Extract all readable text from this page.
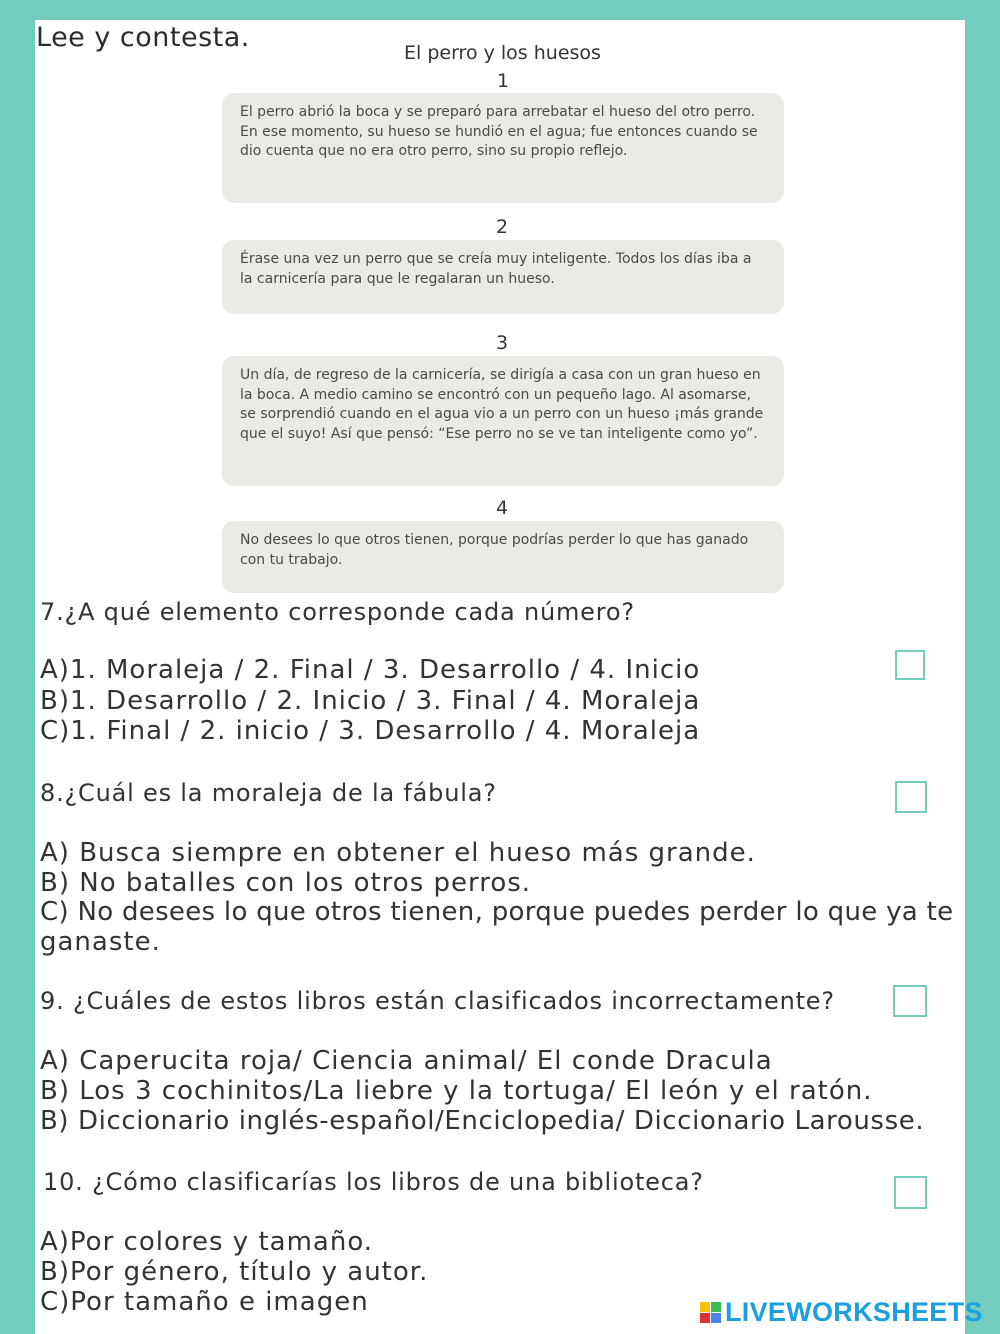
Lee y contesta.	El perro y los huesos
1
El perro abrió la boca y se preparó para arrebatar el hueso del otro perro. En ese momento, su hueso se hundió en el agua; fue entonces cuando se dio cuenta que no era otro perro, sino su propio reflejo.
2
Érase una vez un perro que se creía muy inteligente. Todos los días iba a la carnicería para que le regalaran un hueso.
3
Un día, de regreso de la carnicería, se dirigía a casa con un gran hueso en la boca. A medio camino se encontró con un pequeño lago. Al asomarse, se sorprendió cuando en el agua vio a un perro con un hueso ¡más grande que el suyo! Así que pensó: “Ese perro no se ve tan inteligente como yo”.
4
No desees lo que otros tienen, porque podrías perder lo que has ganado con tu trabajo.
7.¿A qué elemento corresponde cada número?
A)1. Moraleja / 2. Final / 3. Desarrollo / 4. Inicio
B)1. Desarrollo / 2. Inicio / 3. Final / 4. Moraleja
C)1. Final / 2. inicio / 3. Desarrollo / 4. Moraleja
8.¿Cuál es la moraleja de la fábula?
A) Busca siempre en obtener el hueso más grande.
B) No batalles con los otros perros.
C) No desees lo que otros tienen, porque puedes perder lo que ya te
ganaste.
9. ¿Cuáles de estos libros están clasificados incorrectamente?
A) Caperucita roja/ Ciencia animal/ El conde Dracula
B) Los 3 cochinitos/La liebre y la tortuga/ El león y el ratón.
B) Diccionario inglés-español/Enciclopedia/ Diccionario Larousse.
10. ¿Cómo clasificarías los libros de una biblioteca?
A)Por colores y tamaño.
B)Por género, título y autor.
C)Por tamaño e imagen	LIVEWORKSHEETS
